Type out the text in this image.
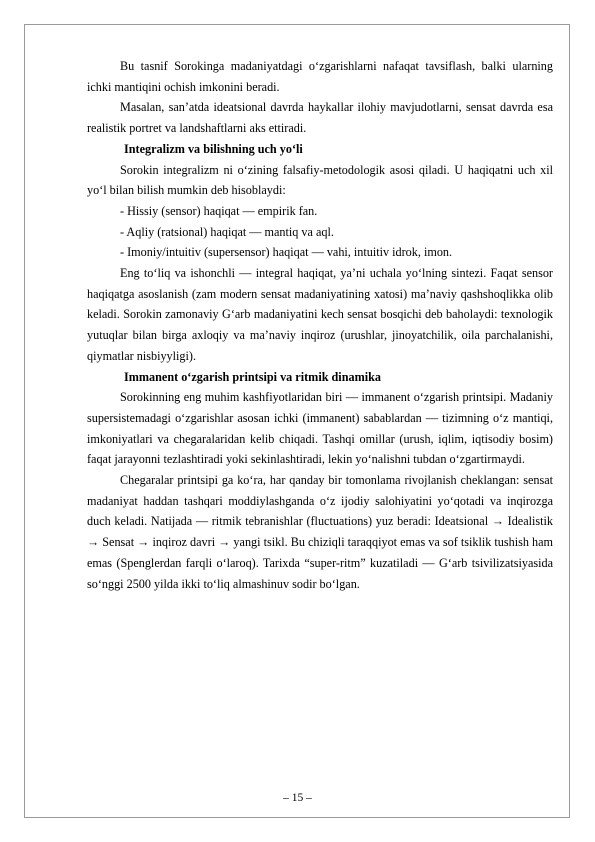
Bu tasnif Sorokinga madaniyatdagi o‘zgarishlarni nafaqat tavsiflash, balki ularning ichki mantiqini ochish imkonini beradi.

Masalan, san’atda ideatsional davrda haykallar ilohiy mavjudotlarni, sensat davrda esa realistik portret va landshaftlarni aks ettiradi.

Integralizm va bilishning uch yo‘li

Sorokin integralizm ni o‘zining falsafiy-metodologik asosi qiladi. U haqiqatni uch xil yo‘l bilan bilish mumkin deb hisoblaydi:

- Hissiy (sensor) haqiqat — empirik fan.

- Aqliy (ratsional) haqiqat — mantiq va aql.

- Imoniy/intuitiv (supersensor) haqiqat — vahi, intuitiv idrok, imon.

Eng to‘liq va ishonchli — integral haqiqat, ya’ni uchala yo‘lning sintezi. Faqat sensor haqiqatga asoslanish (zam modern sensat madaniyatining xatosi) ma’naviy qashshoqlikka olib keladi. Sorokin zamonaviy G‘arb madaniyatini kech sensat bosqichi deb baholaydi: texnologik yutuqlar bilan birga axloqiy va ma’naviy inqiroz (urushlar, jinoyatchilik, oila parchalanishi, qiymatlar nisbiyyligi).

Immanent o‘zgarish printsipi va ritmik dinamika

Sorokinning eng muhim kashfiyotlaridan biri — immanent o‘zgarish printsipi. Madaniy supersistemadagi o‘zgarishlar asosan ichki (immanent) sabablardan — tizimning o‘z mantiqi, imkoniyatlari va chegaralaridan kelib chiqadi. Tashqi omillar (urush, iqlim, iqtisodiy bosim) faqat jarayonni tezlashtiradi yoki sekinlashtiradi, lekin yo‘nalishni tubdan o‘zgartirmaydi.

Chegaralar printsipi ga ko‘ra, har qanday bir tomonlama rivojlanish cheklangan: sensat madaniyat haddan tashqari moddiylashganda o‘z ijodiy salohiyatini yo‘qotadi va inqirozga duch keladi. Natijada — ritmik tebranishlar (fluctuations) yuz beradi: Ideatsional → Idealistik → Sensat → inqiroz davri → yangi tsikl. Bu chiziqli taraqqiyot emas va sof tsiklik tushish ham emas (Spenglerdan farqli o‘laroq). Tarixda “super-ritm” kuzatiladi — G‘arb tsivilizatsiyasida so‘nggi 2500 yilda ikki to‘liq almashinuv sodir bo‘lgan.

– 15 –
